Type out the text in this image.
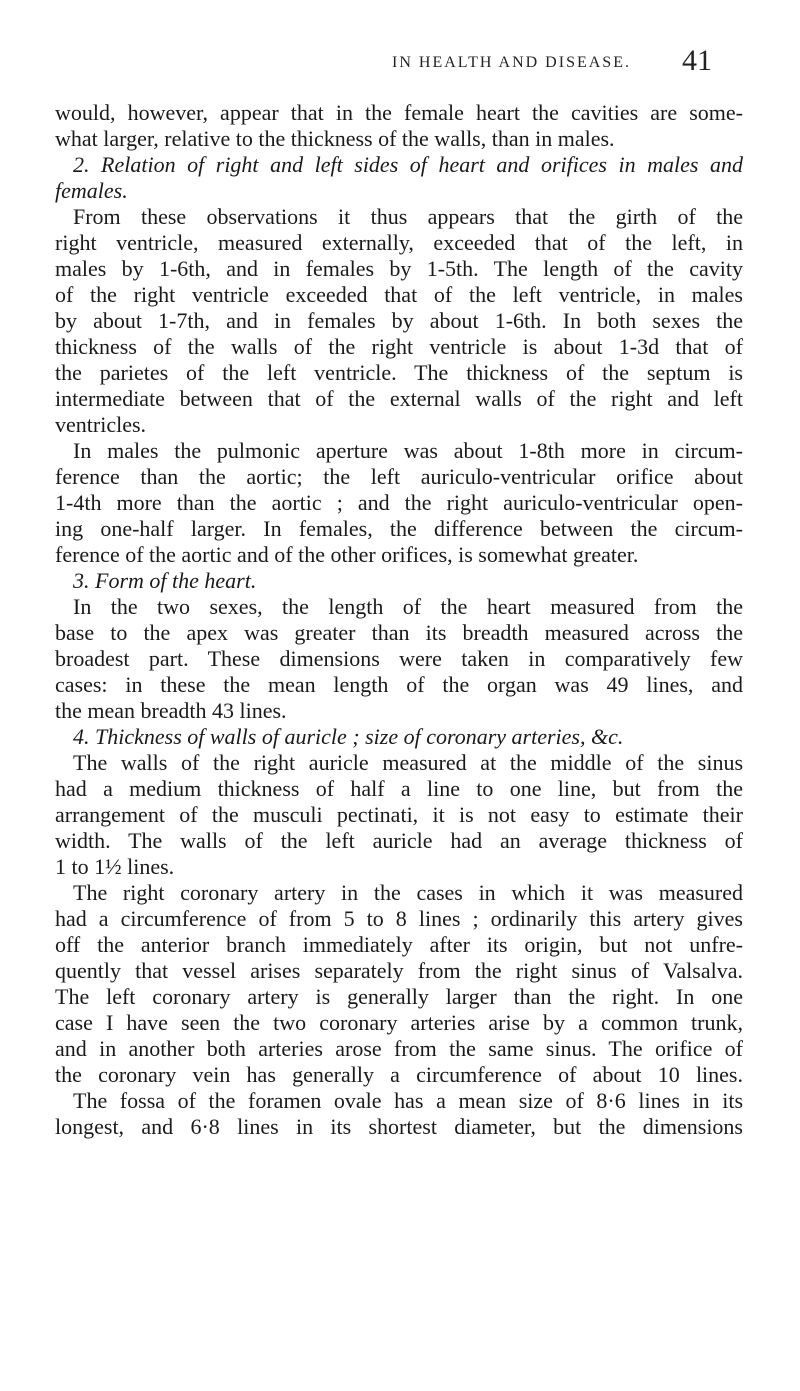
IN HEALTH AND DISEASE. 41
would, however, appear that in the female heart the cavities are some-
what larger, relative to the thickness of the walls, than in males.
2. Relation of right and left sides of heart and orifices in males and
females.
From these observations it thus appears that the girth of the
right ventricle, measured externally, exceeded that of the left, in
males by 1-6th, and in females by 1-5th. The length of the cavity
of the right ventricle exceeded that of the left ventricle, in males
by about 1-7th, and in females by about 1-6th. In both sexes the
thickness of the walls of the right ventricle is about 1-3d that of
the parietes of the left ventricle. The thickness of the septum is
intermediate between that of the external walls of the right and left
ventricles.
In males the pulmonic aperture was about 1-8th more in circum-
ference than the aortic; the left auriculo-ventricular orifice about
1-4th more than the aortic ; and the right auriculo-ventricular open-
ing one-half larger. In females, the difference between the circum-
ference of the aortic and of the other orifices, is somewhat greater.
3. Form of the heart.
In the two sexes, the length of the heart measured from the
base to the apex was greater than its breadth measured across the
broadest part. These dimensions were taken in comparatively few
cases: in these the mean length of the organ was 49 lines, and
the mean breadth 43 lines.
4. Thickness of walls of auricle ; size of coronary arteries, &c.
The walls of the right auricle measured at the middle of the sinus
had a medium thickness of half a line to one line, but from the
arrangement of the musculi pectinati, it is not easy to estimate their
width. The walls of the left auricle had an average thickness of
1 to 1½ lines.
The right coronary artery in the cases in which it was measured
had a circumference of from 5 to 8 lines ; ordinarily this artery gives
off the anterior branch immediately after its origin, but not unfre-
quently that vessel arises separately from the right sinus of Valsalva.
The left coronary artery is generally larger than the right. In one
case I have seen the two coronary arteries arise by a common trunk,
and in another both arteries arose from the same sinus. The orifice of
the coronary vein has generally a circumference of about 10 lines.
The fossa of the foramen ovale has a mean size of 8·6 lines in its
longest, and 6·8 lines in its shortest diameter, but the dimensions
